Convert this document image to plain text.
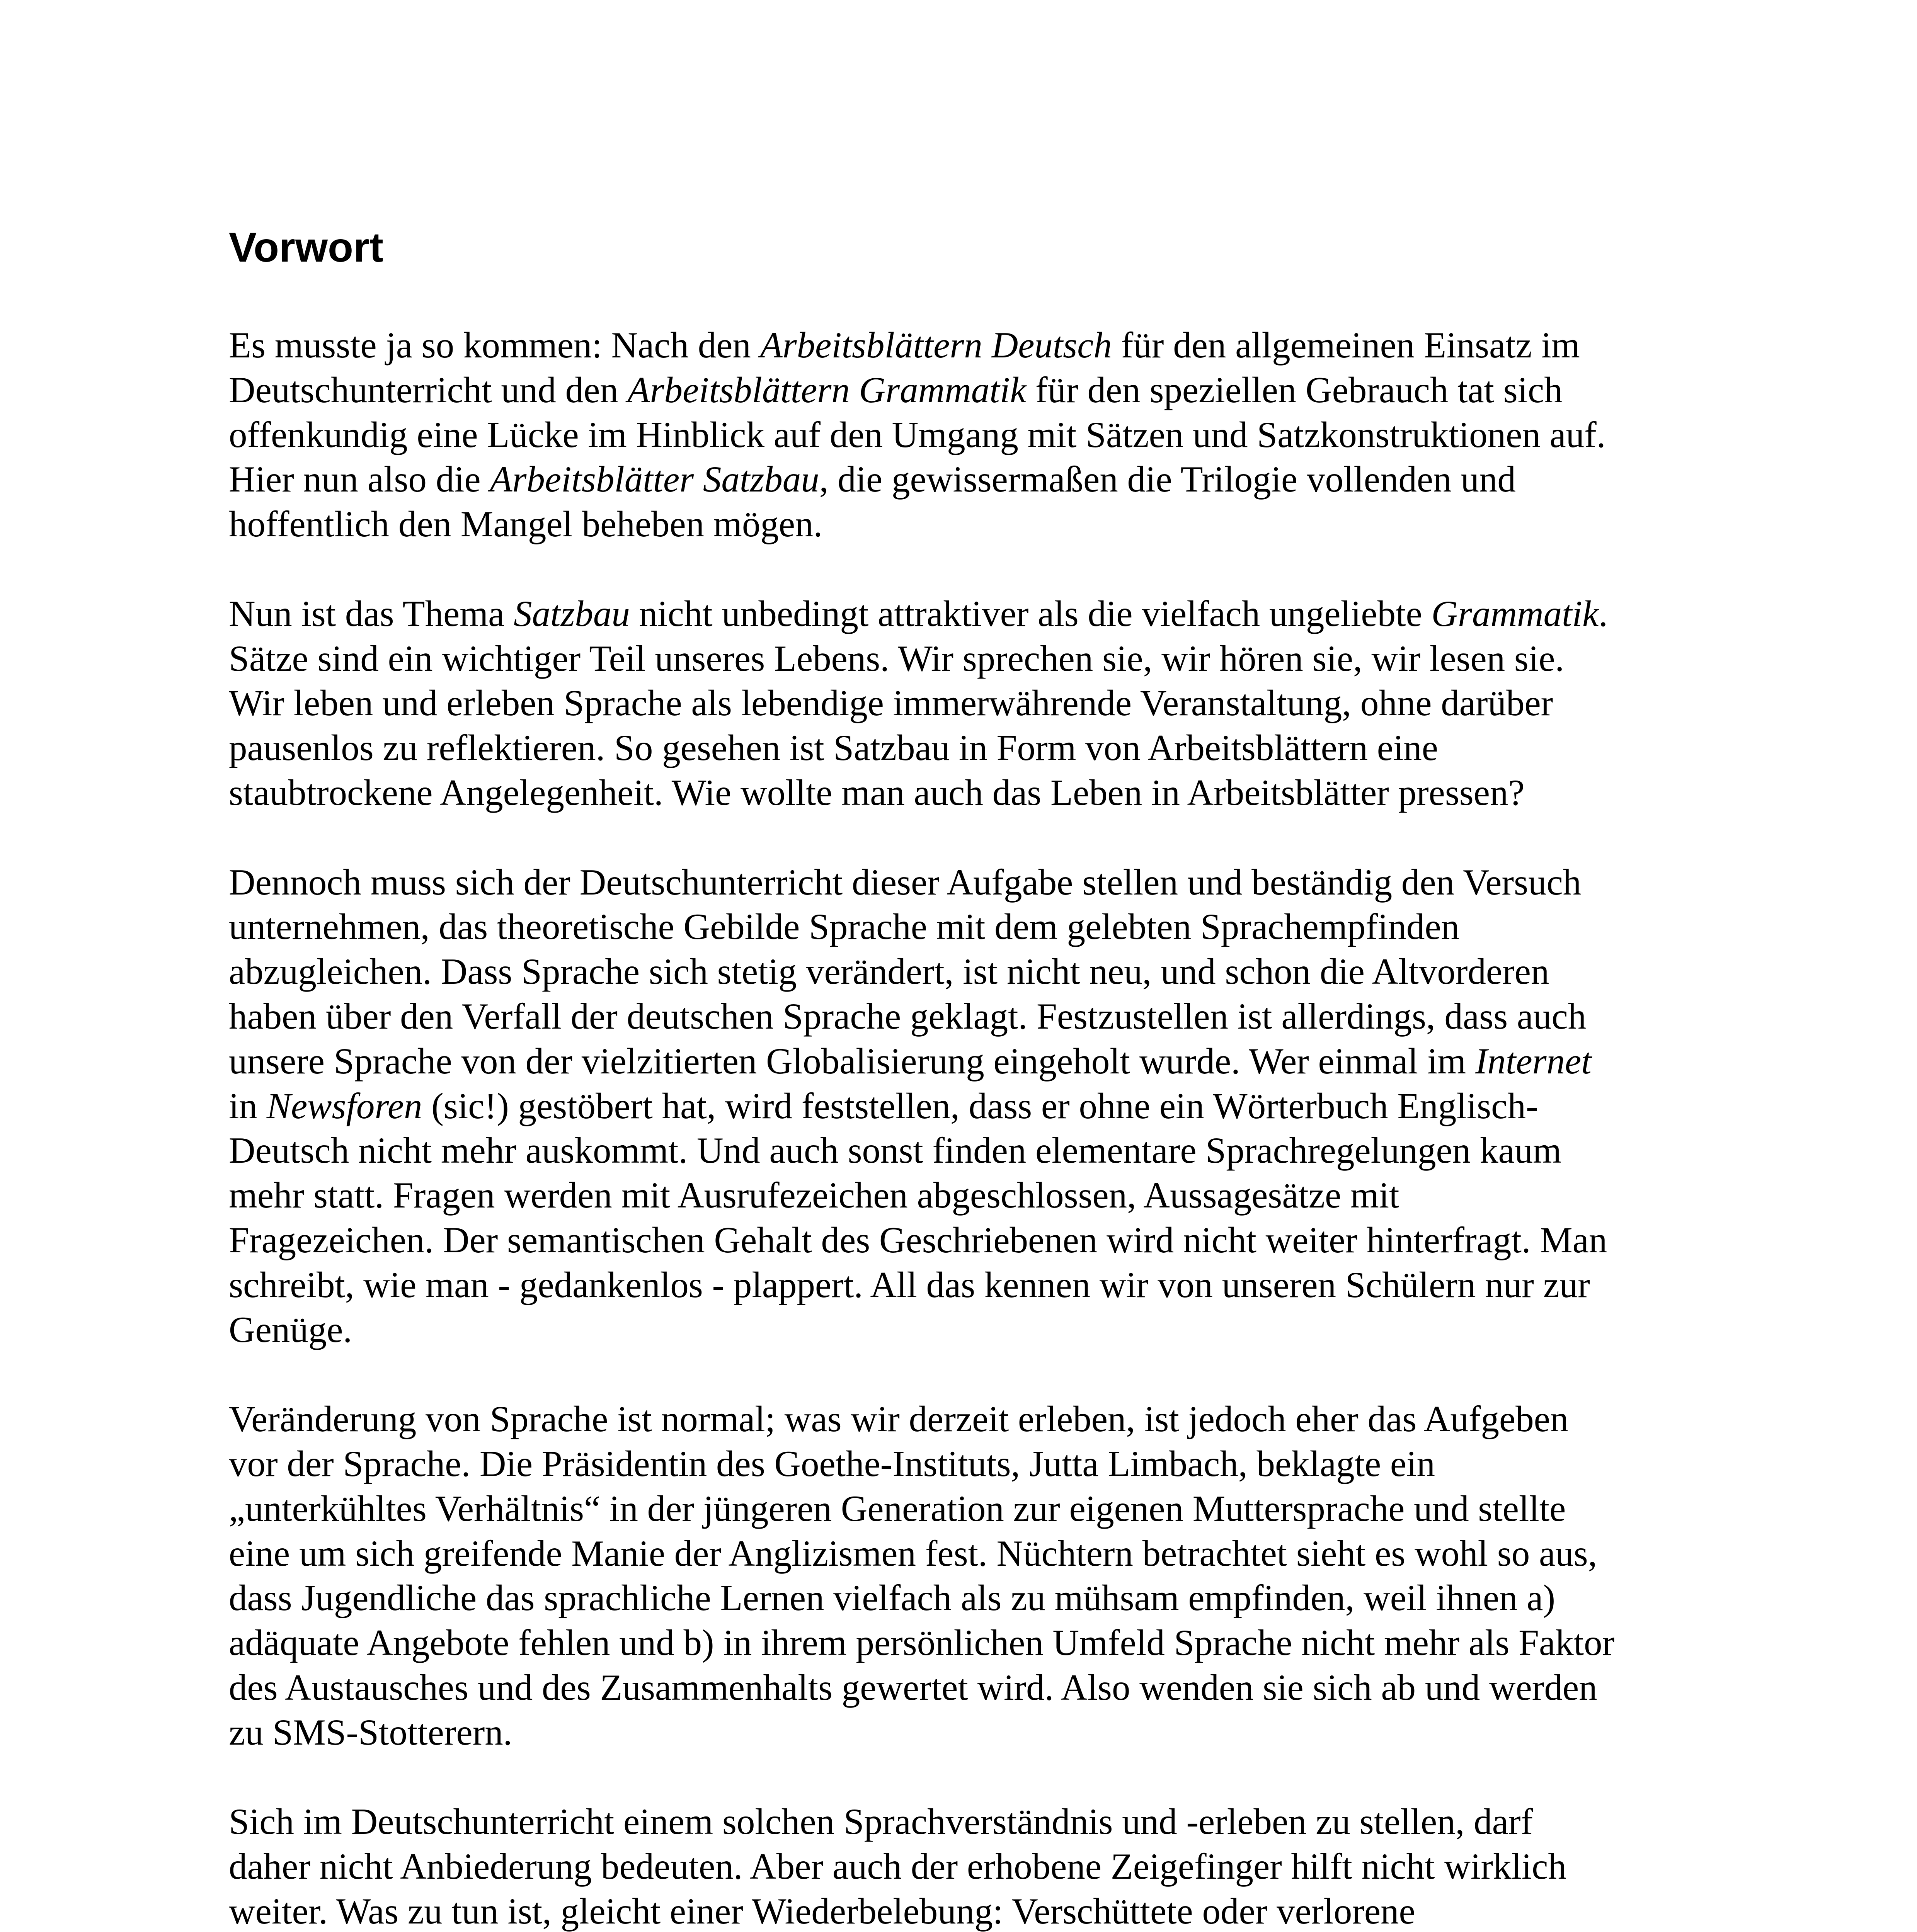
Vorwort

Es musste ja so kommen: Nach den Arbeitsblättern Deutsch für den allgemeinen Einsatz im
Deutschunterricht und den Arbeitsblättern Grammatik für den speziellen Gebrauch tat sich
offenkundig eine Lücke im Hinblick auf den Umgang mit Sätzen und Satzkonstruktionen auf.
Hier nun also die Arbeitsblätter Satzbau, die gewissermaßen die Trilogie vollenden und
hoffentlich den Mangel beheben mögen.

Nun ist das Thema Satzbau nicht unbedingt attraktiver als die vielfach ungeliebte Grammatik.
Sätze sind ein wichtiger Teil unseres Lebens. Wir sprechen sie, wir hören sie, wir lesen sie.
Wir leben und erleben Sprache als lebendige immerwährende Veranstaltung, ohne darüber
pausenlos zu reflektieren. So gesehen ist Satzbau in Form von Arbeitsblättern eine
staubtrockene Angelegenheit. Wie wollte man auch das Leben in Arbeitsblätter pressen?

Dennoch muss sich der Deutschunterricht dieser Aufgabe stellen und beständig den Versuch
unternehmen, das theoretische Gebilde Sprache mit dem gelebten Sprachempfinden
abzugleichen. Dass Sprache sich stetig verändert, ist nicht neu, und schon die Altvorderen
haben über den Verfall der deutschen Sprache geklagt. Festzustellen ist allerdings, dass auch
unsere Sprache von der vielzitierten Globalisierung eingeholt wurde. Wer einmal im Internet
in Newsforen (sic!) gestöbert hat, wird feststellen, dass er ohne ein Wörterbuch Englisch-
Deutsch nicht mehr auskommt. Und auch sonst finden elementare Sprachregelungen kaum
mehr statt. Fragen werden mit Ausrufezeichen abgeschlossen, Aussagesätze mit
Fragezeichen. Der semantischen Gehalt des Geschriebenen wird nicht weiter hinterfragt. Man
schreibt, wie man - gedankenlos - plappert. All das kennen wir von unseren Schülern nur zur
Genüge.

Veränderung von Sprache ist normal; was wir derzeit erleben, ist jedoch eher das Aufgeben
vor der Sprache. Die Präsidentin des Goethe-Instituts, Jutta Limbach, beklagte ein
„unterkühltes Verhältnis“ in der jüngeren Generation zur eigenen Muttersprache und stellte
eine um sich greifende Manie der Anglizismen fest. Nüchtern betrachtet sieht es wohl so aus,
dass Jugendliche das sprachliche Lernen vielfach als zu mühsam empfinden, weil ihnen a)
adäquate Angebote fehlen und b) in ihrem persönlichen Umfeld Sprache nicht mehr als Faktor
des Austausches und des Zusammenhalts gewertet wird. Also wenden sie sich ab und werden
zu SMS-Stotterern.

Sich im Deutschunterricht einem solchen Sprachverständnis und -erleben zu stellen, darf
daher nicht Anbiederung bedeuten. Aber auch der erhobene Zeigefinger hilft nicht wirklich
weiter. Was zu tun ist, gleicht einer Wiederbelebung: Verschüttete oder verlorene
